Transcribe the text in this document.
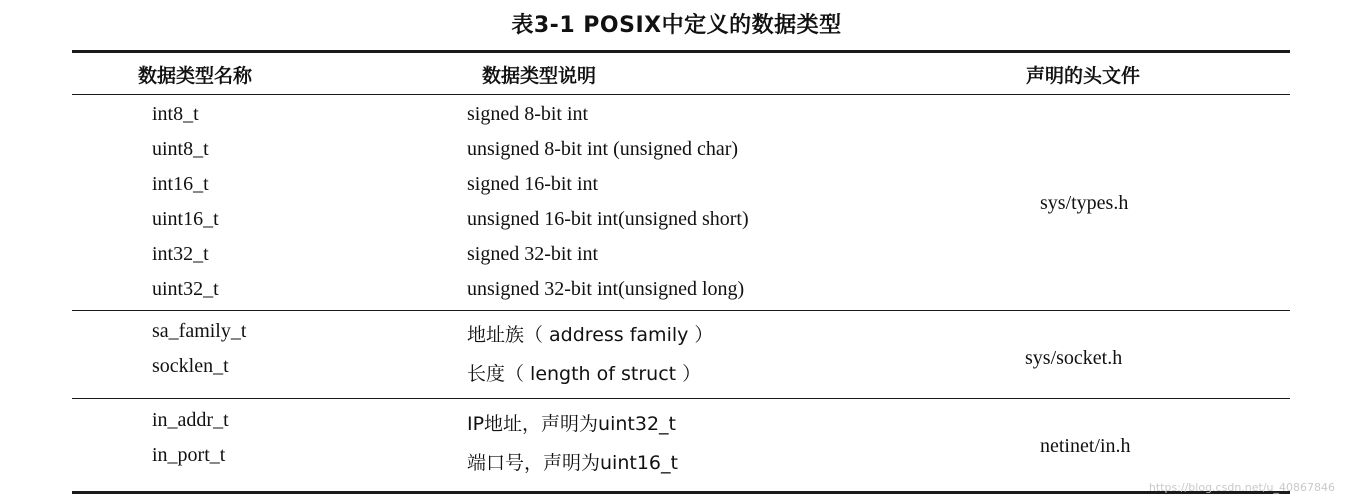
表3-1 POSIX中定义的数据类型
数据类型名称	数据类型说明	声明的头文件
int8_t	signed 8-bit int
uint8_t	unsigned 8-bit int (unsigned char)
int16_t	signed 16-bit int
uint16_t	unsigned 16-bit int(unsigned short)
int32_t	signed 32-bit int
uint32_t	unsigned 32-bit int(unsigned long)
sys/types.h
sa_family_t	地址族（ address family ）
socklen_t	长度（ length of struct ）
sys/socket.h
in_addr_t	IP地址，声明为uint32_t
in_port_t	端口号，声明为uint16_t
netinet/in.h
https://blog.csdn.net/u_40867846
